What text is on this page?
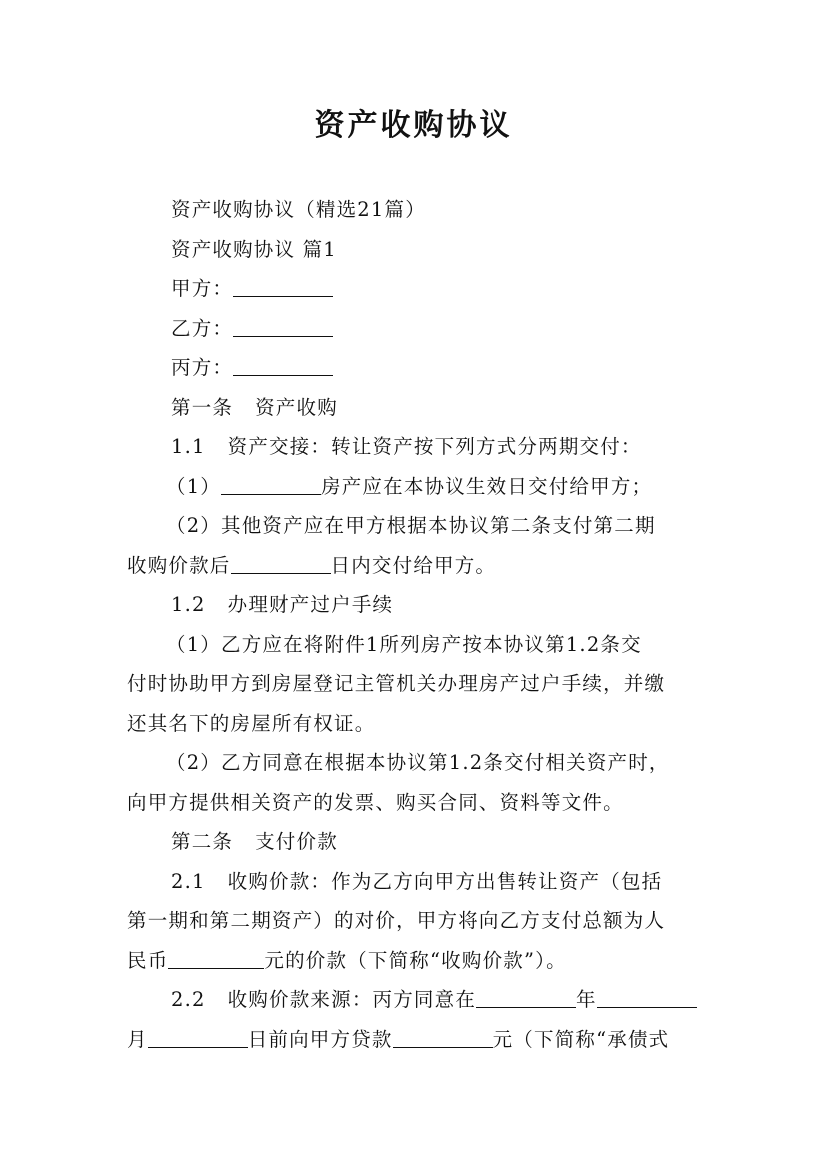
资产收购协议

资产收购协议（精选21篇）

资产收购协议 篇1

甲方：

乙方：

丙方：

第一条 资产收购

1.1 资产交接：转让资产按下列方式分两期交付：

（1）	房产应在本协议生效日交付给甲方；

（2）其他资产应在甲方根据本协议第二条支付第二期

收购价款后	日内交付给甲方。

1.2 办理财产过户手续

（1）乙方应在将附件1所列房产按本协议第1.2条交

付时协助甲方到房屋登记主管机关办理房产过户手续，并缴

还其名下的房屋所有权证。

（2）乙方同意在根据本协议第1.2条交付相关资产时，

向甲方提供相关资产的发票、购买合同、资料等文件。

第二条 支付价款

2.1 收购价款：作为乙方向甲方出售转让资产（包括

第一期和第二期资产）的对价，甲方将向乙方支付总额为人

民币	元的价款（下简称“收购价款”）。

2.2 收购价款来源：丙方同意在	年

月	日前向甲方贷款	元（下简称“承债式
